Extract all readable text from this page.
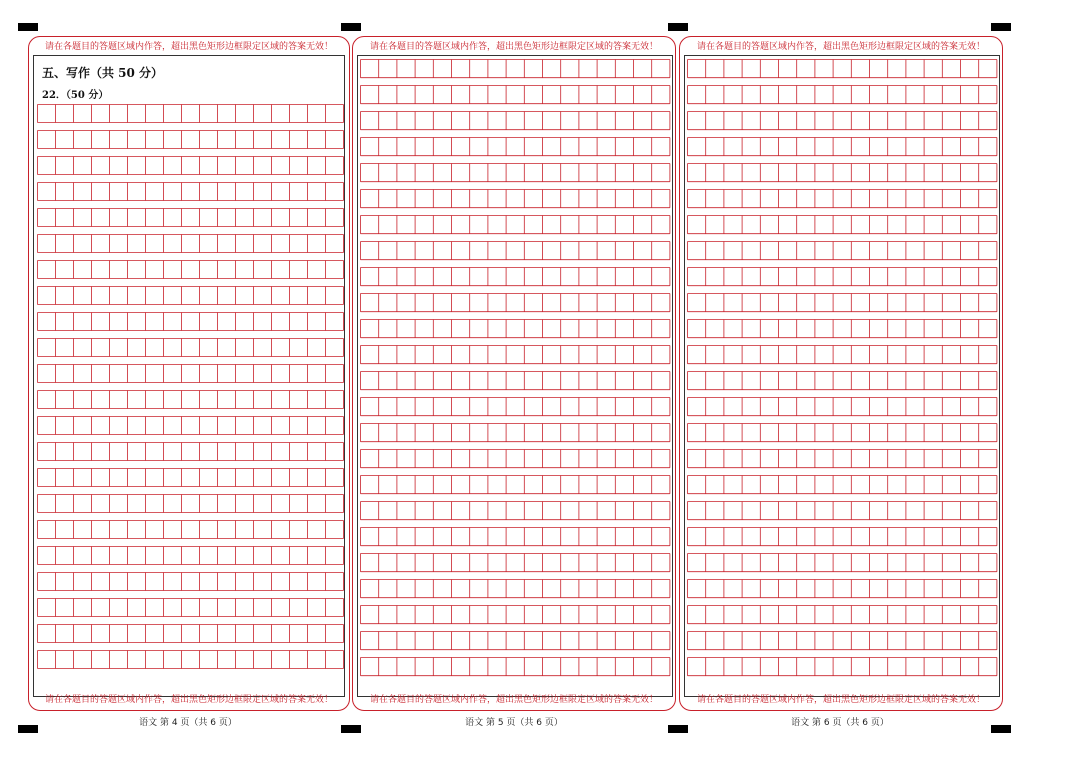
请在各题目的答题区域内作答，超出黑色矩形边框限定区域的答案无效！
五、写作（共 50 分）
22．（50 分）
请在各题目的答题区域内作答，超出黑色矩形边框限定区域的答案无效！
请在各题目的答题区域内作答，超出黑色矩形边框限定区域的答案无效！
请在各题目的答题区域内作答，超出黑色矩形边框限定区域的答案无效！
请在各题目的答题区域内作答，超出黑色矩形边框限定区域的答案无效！
请在各题目的答题区域内作答，超出黑色矩形边框限定区域的答案无效！
语文 第 4 页（共 6 页）	语文 第 5 页（共 6 页）	语文 第 6 页（共 6 页）
